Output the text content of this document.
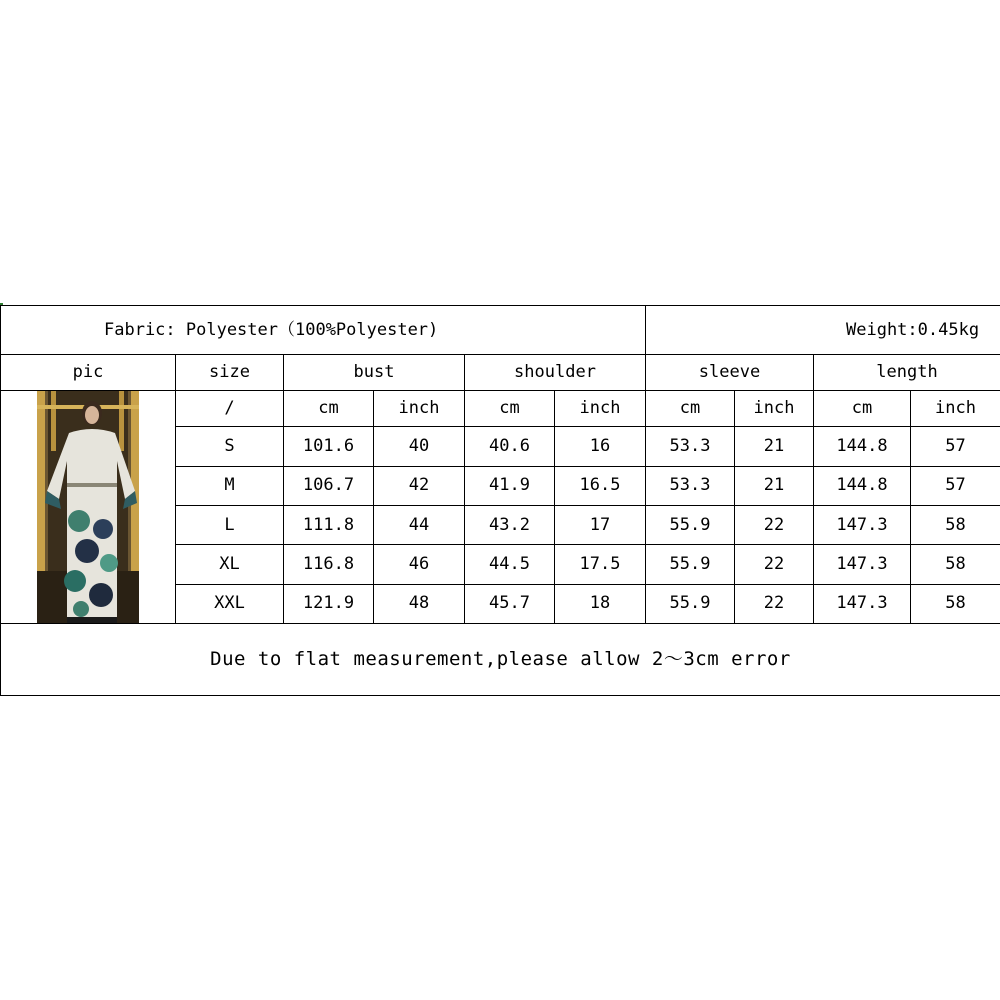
Fabric: Polyester（100%Polyester)						Weight:0.45kg			
pic	size	bust		shoulder		sleeve		length	

	/	cm	inch	cm	inch	cm	inch	cm	inch
	S	101.6	40	40.6	16	53.3	21	144.8	57
	M	106.7	42	41.9	16.5	53.3	21	144.8	57
	L	111.8	44	43.2	17	55.9	22	147.3	58
	XL	116.8	46	44.5	17.5	55.9	22	147.3	58
	XXL	121.9	48	45.7	18	55.9	22	147.3	58
Due to flat measurement,please allow 2～3cm error									
